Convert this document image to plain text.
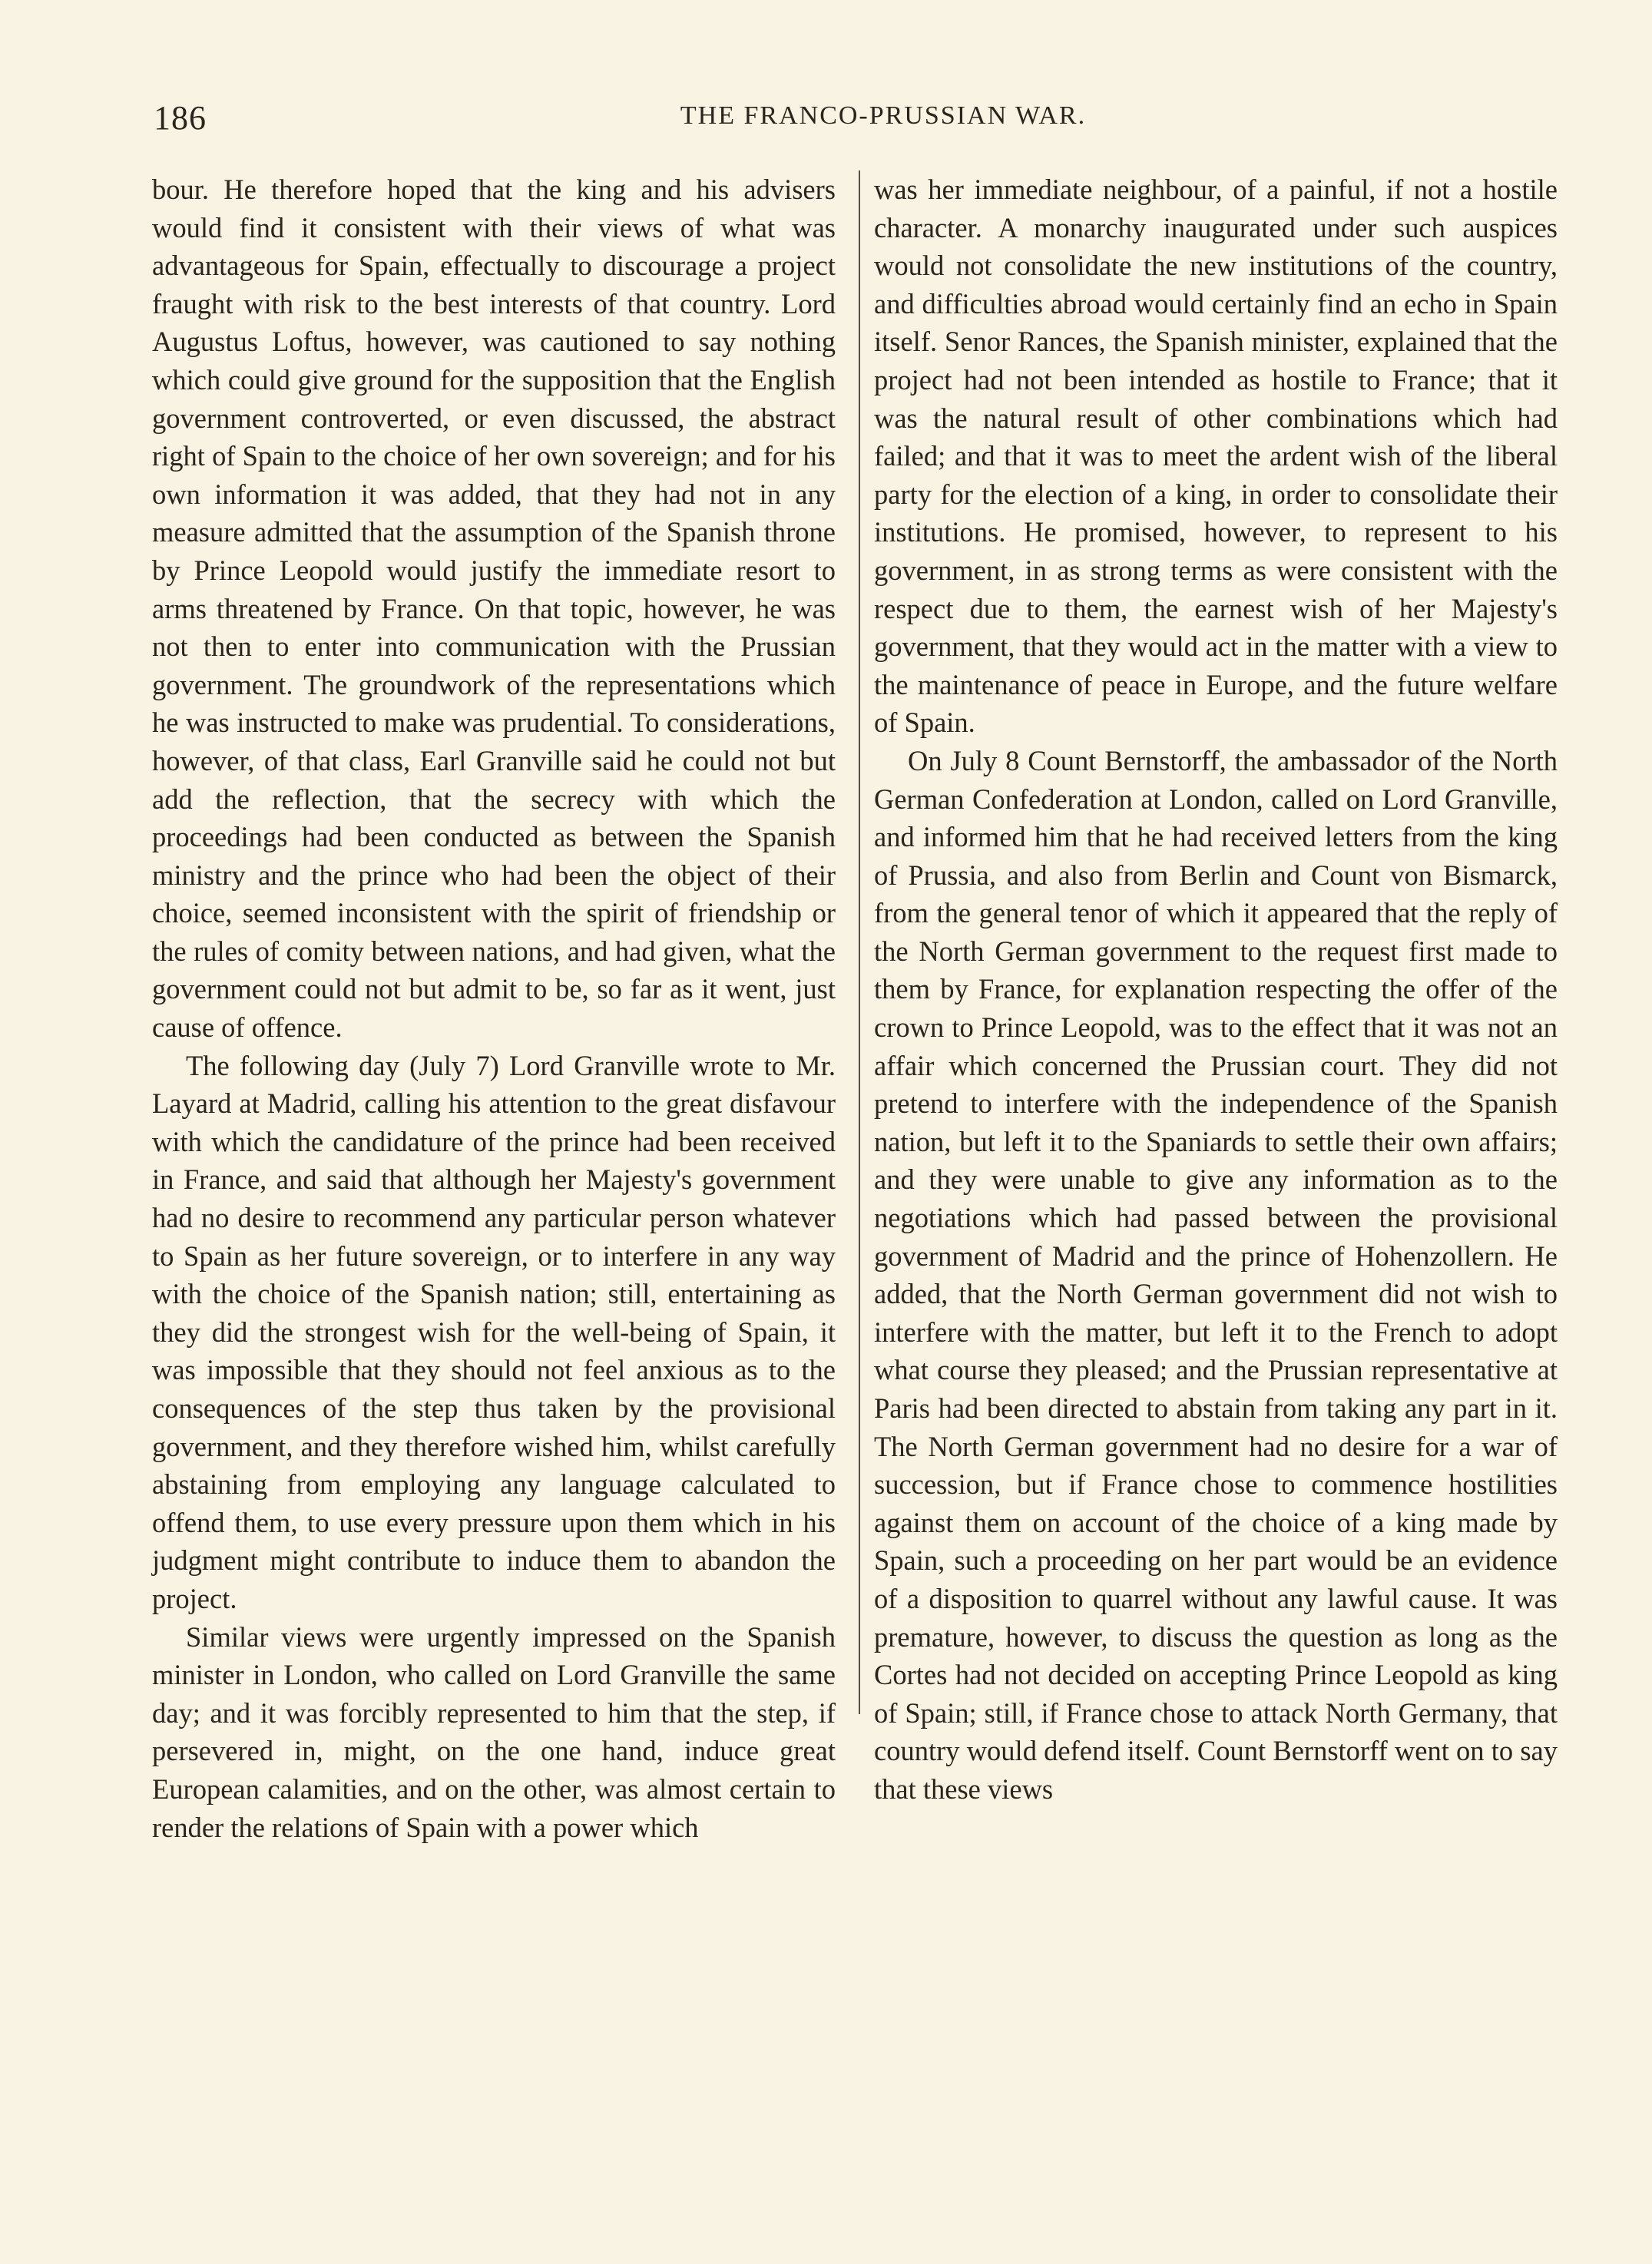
186	THE FRANCO-PRUSSIAN WAR.

bour. He therefore hoped that the king and his advisers would find it consistent with their views of what was advantageous for Spain, effectually to discourage a project fraught with risk to the best interests of that country. Lord Augustus Loftus, however, was cautioned to say nothing which could give ground for the supposition that the English government controverted, or even discussed, the abstract right of Spain to the choice of her own sovereign; and for his own information it was added, that they had not in any measure admitted that the assumption of the Spanish throne by Prince Leopold would justify the immediate resort to arms threatened by France. On that topic, however, he was not then to enter into communication with the Prussian government. The groundwork of the representations which he was instructed to make was prudential. To considerations, however, of that class, Earl Granville said he could not but add the reflection, that the secrecy with which the proceedings had been conducted as between the Spanish ministry and the prince who had been the object of their choice, seemed inconsistent with the spirit of friendship or the rules of comity between nations, and had given, what the government could not but admit to be, so far as it went, just cause of offence.

The following day (July 7) Lord Granville wrote to Mr. Layard at Madrid, calling his attention to the great disfavour with which the candidature of the prince had been received in France, and said that although her Majesty's government had no desire to recommend any particular person whatever to Spain as her future sovereign, or to interfere in any way with the choice of the Spanish nation; still, entertaining as they did the strongest wish for the well-being of Spain, it was impossible that they should not feel anxious as to the consequences of the step thus taken by the provisional government, and they therefore wished him, whilst carefully abstaining from employing any language calculated to offend them, to use every pressure upon them which in his judgment might contribute to induce them to abandon the project.

Similar views were urgently impressed on the Spanish minister in London, who called on Lord Granville the same day; and it was forcibly represented to him that the step, if persevered in, might, on the one hand, induce great European calamities, and on the other, was almost certain to render the relations of Spain with a power which

was her immediate neighbour, of a painful, if not a hostile character. A monarchy inaugurated under such auspices would not consolidate the new institutions of the country, and difficulties abroad would certainly find an echo in Spain itself. Senor Rances, the Spanish minister, explained that the project had not been intended as hostile to France; that it was the natural result of other combinations which had failed; and that it was to meet the ardent wish of the liberal party for the election of a king, in order to consolidate their institutions. He promised, however, to represent to his government, in as strong terms as were consistent with the respect due to them, the earnest wish of her Majesty's government, that they would act in the matter with a view to the maintenance of peace in Europe, and the future welfare of Spain.

On July 8 Count Bernstorff, the ambassador of the North German Confederation at London, called on Lord Granville, and informed him that he had received letters from the king of Prussia, and also from Berlin and Count von Bismarck, from the general tenor of which it appeared that the reply of the North German government to the request first made to them by France, for explanation respecting the offer of the crown to Prince Leopold, was to the effect that it was not an affair which concerned the Prussian court. They did not pretend to interfere with the independence of the Spanish nation, but left it to the Spaniards to settle their own affairs; and they were unable to give any information as to the negotiations which had passed between the provisional government of Madrid and the prince of Hohenzollern. He added, that the North German government did not wish to interfere with the matter, but left it to the French to adopt what course they pleased; and the Prussian representative at Paris had been directed to abstain from taking any part in it. The North German government had no desire for a war of succession, but if France chose to commence hostilities against them on account of the choice of a king made by Spain, such a proceeding on her part would be an evidence of a disposition to quarrel without any lawful cause. It was premature, however, to discuss the question as long as the Cortes had not decided on accepting Prince Leopold as king of Spain; still, if France chose to attack North Germany, that country would defend itself. Count Bernstorff went on to say that these views
